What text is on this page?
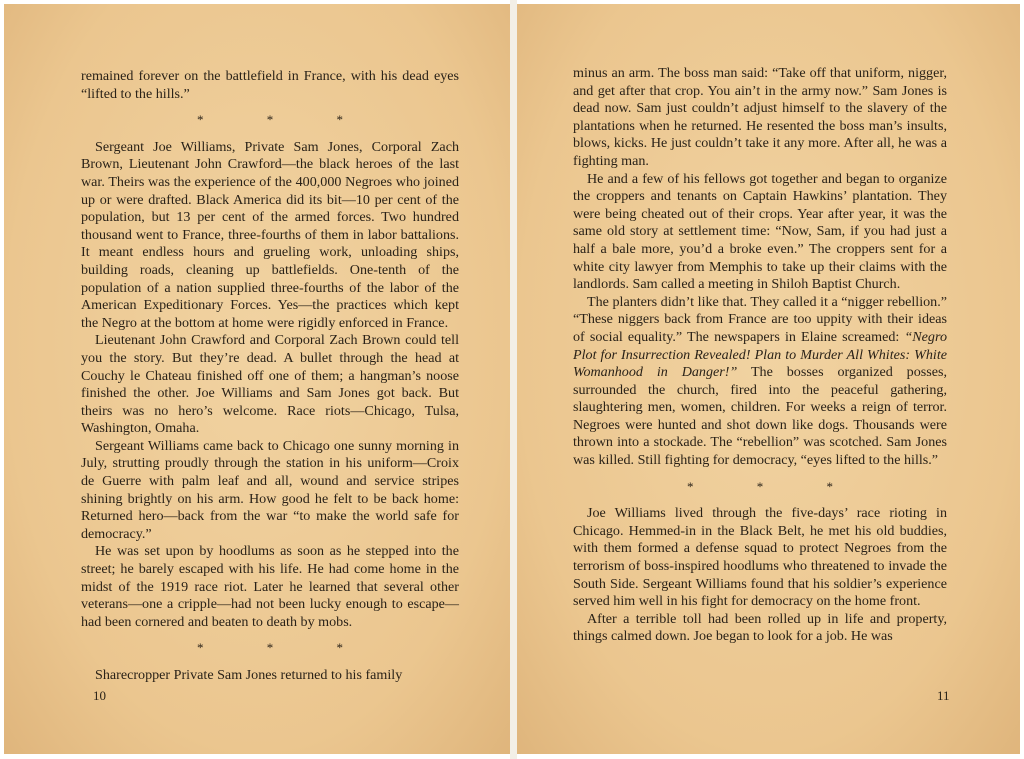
remained forever on the battlefield in France, with his dead eyes “lifted to the hills.”

* * *

Sergeant Joe Williams, Private Sam Jones, Corporal Zach Brown, Lieutenant John Crawford—the black heroes of the last war. Theirs was the experience of the 400,000 Negroes who joined up or were drafted. Black America did its bit—10 per cent of the population, but 13 per cent of the armed forces. Two hundred thousand went to France, three-fourths of them in labor battalions. It meant endless hours and grueling work, unloading ships, building roads, cleaning up battlefields. One-tenth of the population of a nation supplied three-fourths of the labor of the American Expeditionary Forces. Yes—the practices which kept the Negro at the bottom at home were rigidly enforced in France.

Lieutenant John Crawford and Corporal Zach Brown could tell you the story. But they’re dead. A bullet through the head at Couchy le Chateau finished off one of them; a hangman’s noose finished the other. Joe Williams and Sam Jones got back. But theirs was no hero’s welcome. Race riots—Chicago, Tulsa, Washington, Omaha.

Sergeant Williams came back to Chicago one sunny morning in July, strutting proudly through the station in his uniform—Croix de Guerre with palm leaf and all, wound and service stripes shining brightly on his arm. How good he felt to be back home: Returned hero—back from the war “to make the world safe for democracy.”

He was set upon by hoodlums as soon as he stepped into the street; he barely escaped with his life. He had come home in the midst of the 1919 race riot. Later he learned that several other veterans—one a cripple—had not been lucky enough to escape—had been cornered and beaten to death by mobs.

* * *

Sharecropper Private Sam Jones returned to his family

10

minus an arm. The boss man said: “Take off that uniform, nigger, and get after that crop. You ain’t in the army now.” Sam Jones is dead now. Sam just couldn’t adjust himself to the slavery of the plantations when he returned. He resented the boss man’s insults, blows, kicks. He just couldn’t take it any more. After all, he was a fighting man.

He and a few of his fellows got together and began to organize the croppers and tenants on Captain Hawkins’ plantation. They were being cheated out of their crops. Year after year, it was the same old story at settlement time: “Now, Sam, if you had just a half a bale more, you’d a broke even.” The croppers sent for a white city lawyer from Memphis to take up their claims with the landlords. Sam called a meeting in Shiloh Baptist Church.

The planters didn’t like that. They called it a “nigger rebellion.” “These niggers back from France are too uppity with their ideas of social equality.” The newspapers in Elaine screamed: “Negro Plot for Insurrection Revealed! Plan to Murder All Whites: White Womanhood in Danger!” The bosses organized posses, surrounded the church, fired into the peaceful gathering, slaughtering men, women, children. For weeks a reign of terror. Negroes were hunted and shot down like dogs. Thousands were thrown into a stockade. The “rebellion” was scotched. Sam Jones was killed. Still fighting for democracy, “eyes lifted to the hills.”

* * *

Joe Williams lived through the five-days’ race rioting in Chicago. Hemmed-in in the Black Belt, he met his old buddies, with them formed a defense squad to protect Negroes from the terrorism of boss-inspired hoodlums who threatened to invade the South Side. Sergeant Williams found that his soldier’s experience served him well in his fight for democracy on the home front.

After a terrible toll had been rolled up in life and property, things calmed down. Joe began to look for a job. He was

11
